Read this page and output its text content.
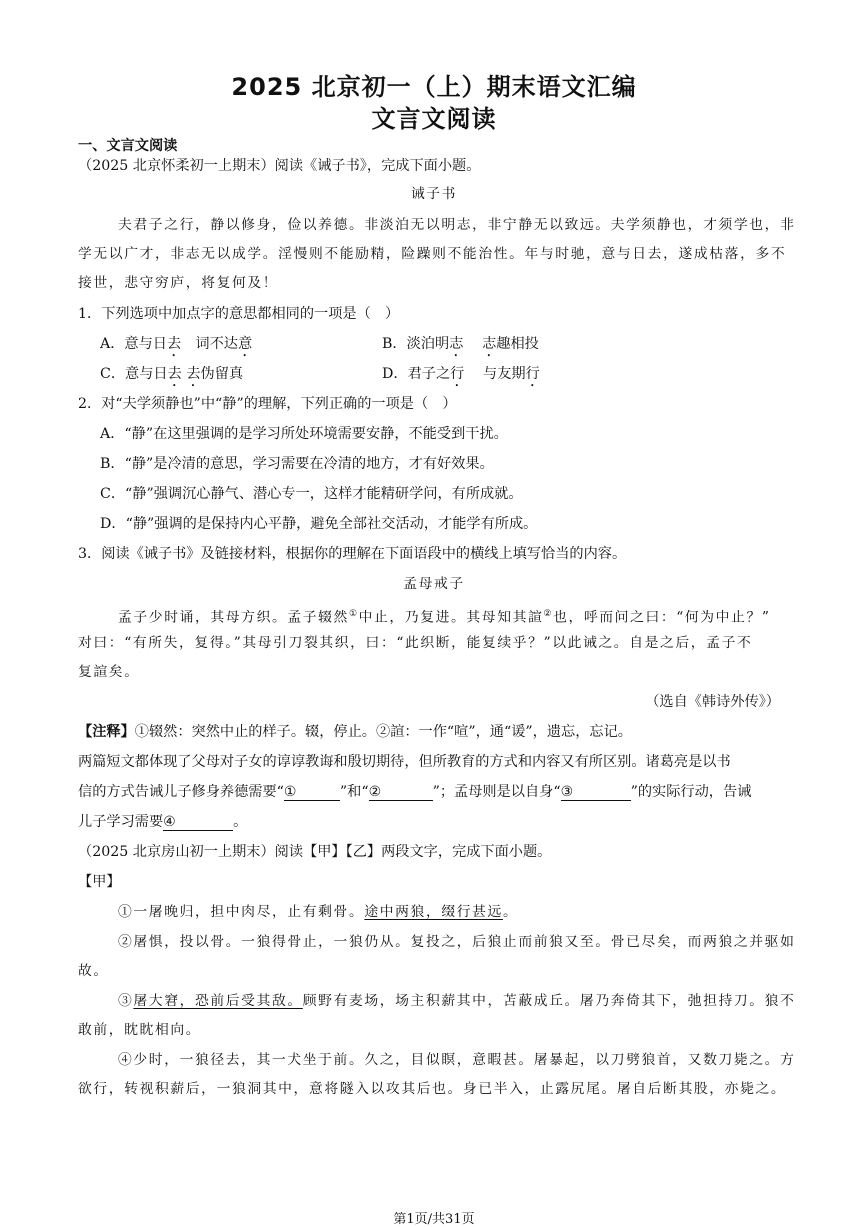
2025 北京初一（上）期末语文汇编
文言文阅读
一、文言文阅读
（2025 北京怀柔初一上期末）阅读《诫子书》，完成下面小题。
诫子书
夫君子之行，静以修身，俭以养德。非淡泊无以明志，非宁静无以致远。夫学须静也，才须学也，非
学无以广才，非志无以成学。淫慢则不能励精，险躁则不能治性。年与时驰，意与日去，遂成枯落，多不
接世，悲守穷庐，将复何及！
1．下列选项中加点字的意思都相同的一项是（　）
A．意与日去　词不达意	B．淡泊明志　 志趣相投
C．意与日去 去伪留真	D．君子之行　 与友期行
2．对“夫学须静也”中“静”的理解，下列正确的一项是（　）
A．“静”在这里强调的是学习所处环境需要安静，不能受到干扰。
B．“静”是冷清的意思，学习需要在冷清的地方，才有好效果。
C．“静”强调沉心静气、潜心专一，这样才能精研学问，有所成就。
D．“静”强调的是保持内心平静，避免全部社交活动，才能学有所成。
3．阅读《诫子书》及链接材料，根据你的理解在下面语段中的横线上填写恰当的内容。
孟母戒子
孟子少时诵，其母方织。孟子辍然①中止，乃复进。其母知其諠②也，呼而问之曰：“何为中止？”
对曰：“有所失，复得。”其母引刀裂其织，曰：“此织断，能复续乎？”以此诫之。自是之后，孟子不
复諠矣。
（选自《韩诗外传》）
【注释】①辍然：突然中止的样子。辍，停止。②諠：一作“喧”，通“谖”，遗忘，忘记。
两篇短文都体现了父母对子女的谆谆教诲和殷切期待，但所教育的方式和内容又有所区别。诸葛亮是以书
信的方式告诫儿子修身养德需要“①	”和“②	”；孟母则是以自身“③	”的实际行动，告诫
儿子学习需要④	。
（2025 北京房山初一上期末）阅读【甲】【乙】两段文字，完成下面小题。
【甲】
①一屠晚归，担中肉尽，止有剩骨。途中两狼，缀行甚远。
②屠惧，投以骨。一狼得骨止，一狼仍从。复投之，后狼止而前狼又至。骨已尽矣，而两狼之并驱如
故。
③屠大窘，恐前后受其敌。顾野有麦场，场主积薪其中，苫蔽成丘。屠乃奔倚其下，弛担持刀。狼不
敢前，眈眈相向。
④少时，一狼径去，其一犬坐于前。久之，目似瞑，意暇甚。屠暴起，以刀劈狼首，又数刀毙之。方
欲行，转视积薪后，一狼洞其中，意将隧入以攻其后也。身已半入，止露尻尾。屠自后断其股，亦毙之。
第1页/共31页
